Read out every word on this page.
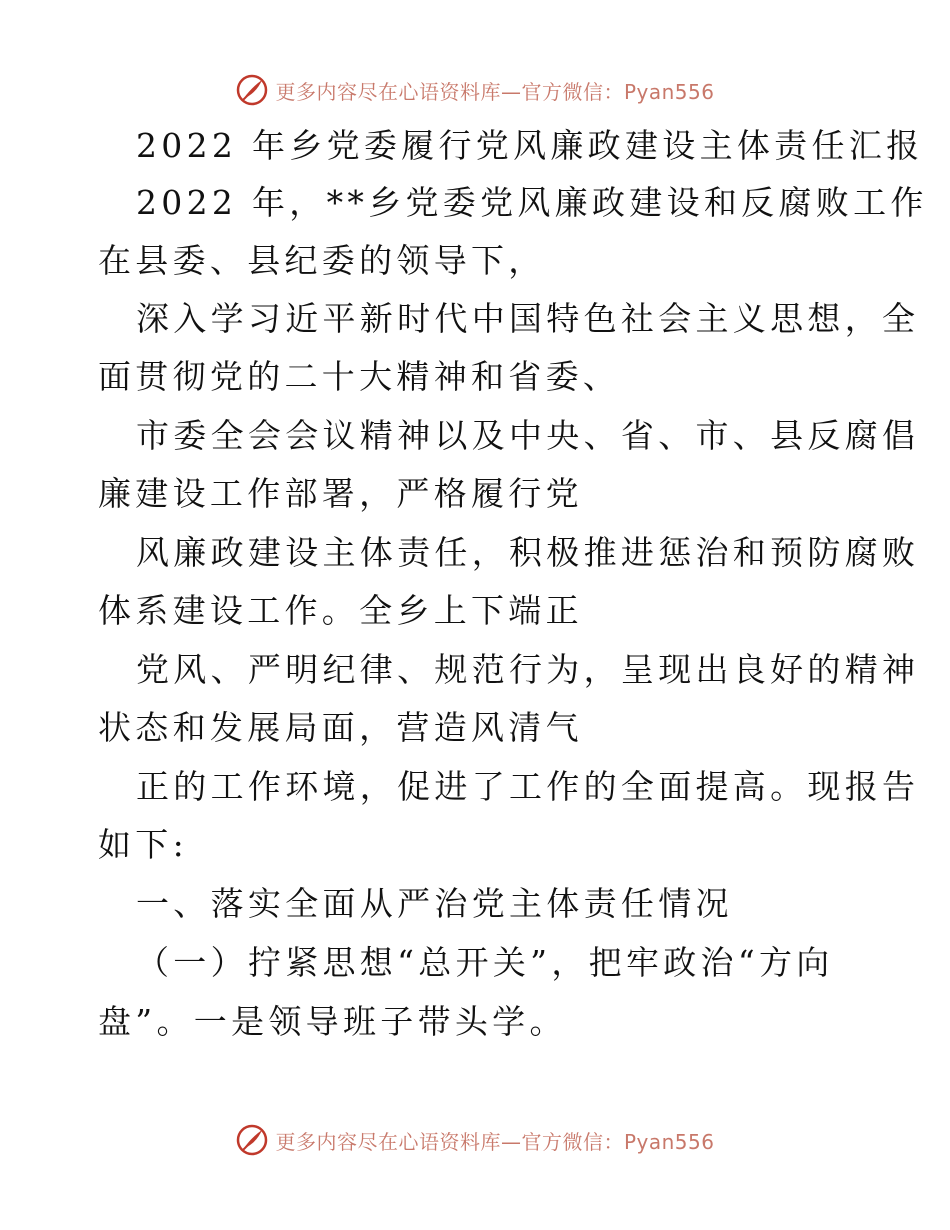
更多内容尽在心语资料库—官方微信：Pyan556
2022 年乡党委履行党风廉政建设主体责任汇报
2022 年，**乡党委党风廉政建设和反腐败工作
在县委、县纪委的领导下，
深入学习近平新时代中国特色社会主义思想，全
面贯彻党的二十大精神和省委、
市委全会会议精神以及中央、省、市、县反腐倡
廉建设工作部署，严格履行党
风廉政建设主体责任，积极推进惩治和预防腐败
体系建设工作。全乡上下端正
党风、严明纪律、规范行为，呈现出良好的精神
状态和发展局面，营造风清气
正的工作环境，促进了工作的全面提高。现报告
如下:
一、落实全面从严治党主体责任情况
（一）拧紧思想“总开关”，把牢政治“方向
盘”。一是领导班子带头学。
更多内容尽在心语资料库—官方微信：Pyan556
